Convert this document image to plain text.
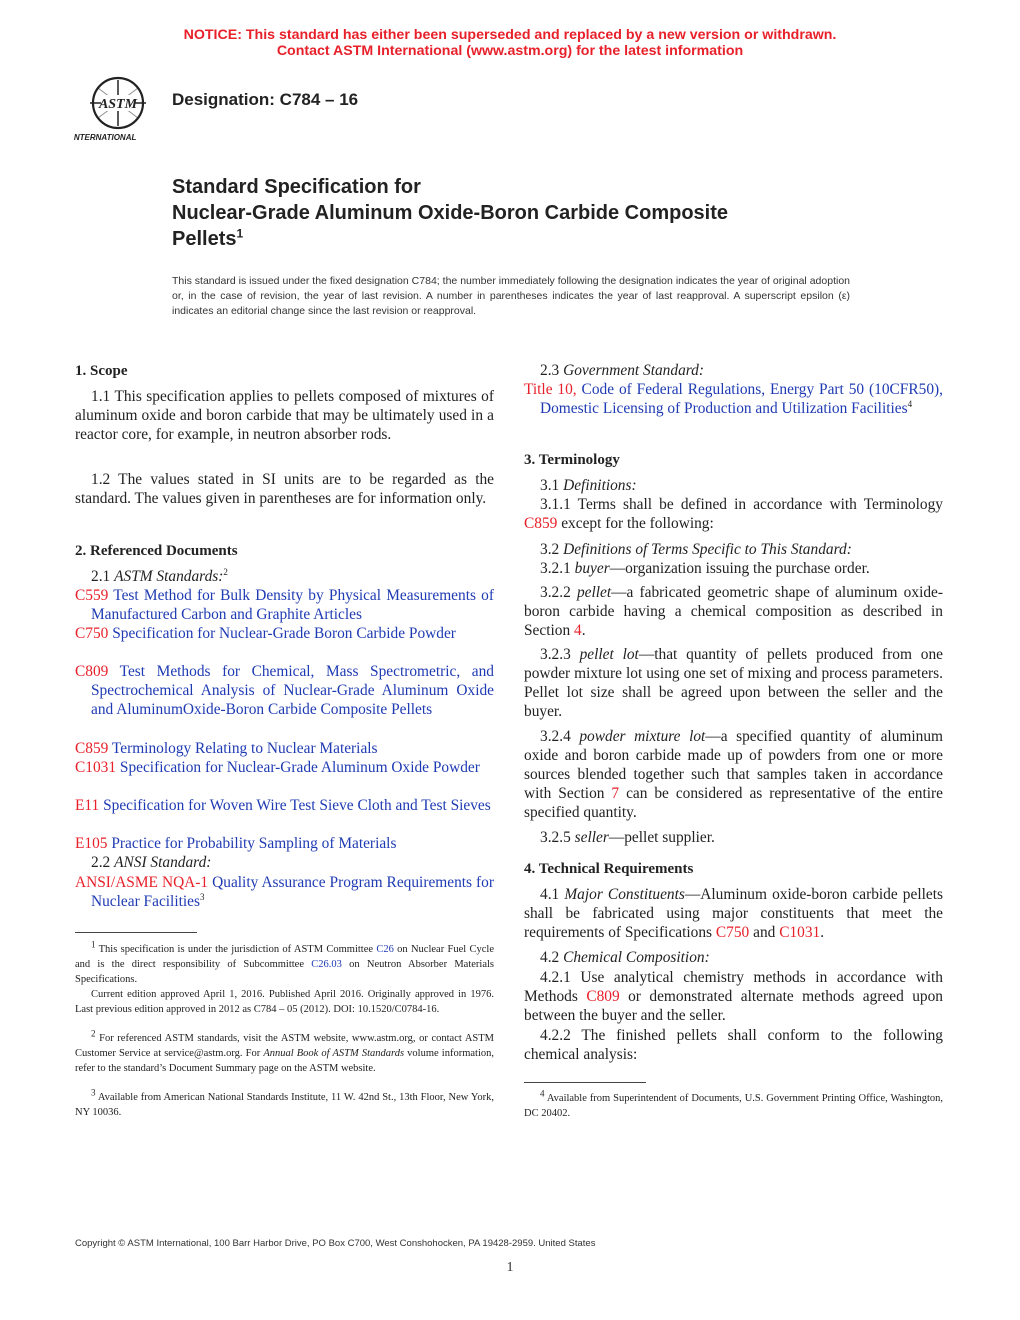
NOTICE: This standard has either been superseded and replaced by a new version or withdrawn.
Contact ASTM International (www.astm.org) for the latest information
ASTM
INTERNATIONAL
Designation: C784 – 16
Standard Specification for
Nuclear-Grade Aluminum Oxide-Boron Carbide Composite
Pellets$^1$
This standard is issued under the fixed designation C784; the number immediately following the designation indicates the year of original adoption or, in the case of revision, the year of last revision. A number in parentheses indicates the year of last reapproval. A superscript epsilon (ε) indicates an editorial change since the last revision or reapproval.
1. Scope
1.1 This specification applies to pellets composed of mixtures of aluminum oxide and boron carbide that may be ultimately used in a reactor core, for example, in neutron absorber rods.
1.2 The values stated in SI units are to be regarded as the standard. The values given in parentheses are for information only.
2. Referenced Documents
2.1 ASTM Standards:$^2$
C559 Test Method for Bulk Density by Physical Measurements of Manufactured Carbon and Graphite Articles
C750 Specification for Nuclear-Grade Boron Carbide Powder
C809 Test Methods for Chemical, Mass Spectrometric, and Spectrochemical Analysis of Nuclear-Grade Aluminum Oxide and AluminumOxide-Boron Carbide Composite Pellets
C859 Terminology Relating to Nuclear Materials
C1031 Specification for Nuclear-Grade Aluminum Oxide Powder
E11 Specification for Woven Wire Test Sieve Cloth and Test Sieves
E105 Practice for Probability Sampling of Materials
2.2 ANSI Standard:
ANSI/ASME NQA-1 Quality Assurance Program Requirements for Nuclear Facilities$^3$
$^1$ This specification is under the jurisdiction of ASTM Committee C26 on Nuclear Fuel Cycle and is the direct responsibility of Subcommittee C26.03 on Neutron Absorber Materials Specifications.
Current edition approved April 1, 2016. Published April 2016. Originally approved in 1976. Last previous edition approved in 2012 as C784 – 05 (2012). DOI: 10.1520/C0784-16.
$^2$ For referenced ASTM standards, visit the ASTM website, www.astm.org, or contact ASTM Customer Service at service@astm.org. For Annual Book of ASTM Standards volume information, refer to the standard’s Document Summary page on the ASTM website.
$^3$ Available from American National Standards Institute, 11 W. 42nd St., 13th Floor, New York, NY 10036.
2.3 Government Standard:
Title 10, Code of Federal Regulations, Energy Part 50 (10CFR50), Domestic Licensing of Production and Utilization Facilities$^4$
3. Terminology
3.1 Definitions:
3.1.1 Terms shall be defined in accordance with Terminology C859 except for the following:
3.2 Definitions of Terms Specific to This Standard:
3.2.1 buyer—organization issuing the purchase order.
3.2.2 pellet—a fabricated geometric shape of aluminum oxide-boron carbide having a chemical composition as described in Section 4.
3.2.3 pellet lot—that quantity of pellets produced from one powder mixture lot using one set of mixing and process parameters. Pellet lot size shall be agreed upon between the seller and the buyer.
3.2.4 powder mixture lot—a specified quantity of aluminum oxide and boron carbide made up of powders from one or more sources blended together such that samples taken in accordance with Section 7 can be considered as representative of the entire specified quantity.
3.2.5 seller—pellet supplier.
4. Technical Requirements
4.1 Major Constituents—Aluminum oxide-boron carbide pellets shall be fabricated using major constituents that meet the requirements of Specifications C750 and C1031.
4.2 Chemical Composition:
4.2.1 Use analytical chemistry methods in accordance with Methods C809 or demonstrated alternate methods agreed upon between the buyer and the seller.
4.2.2 The finished pellets shall conform to the following chemical analysis:
$^4$ Available from Superintendent of Documents, U.S. Government Printing Office, Washington, DC 20402.
Copyright © ASTM International, 100 Barr Harbor Drive, PO Box C700, West Conshohocken, PA 19428-2959. United States
1
